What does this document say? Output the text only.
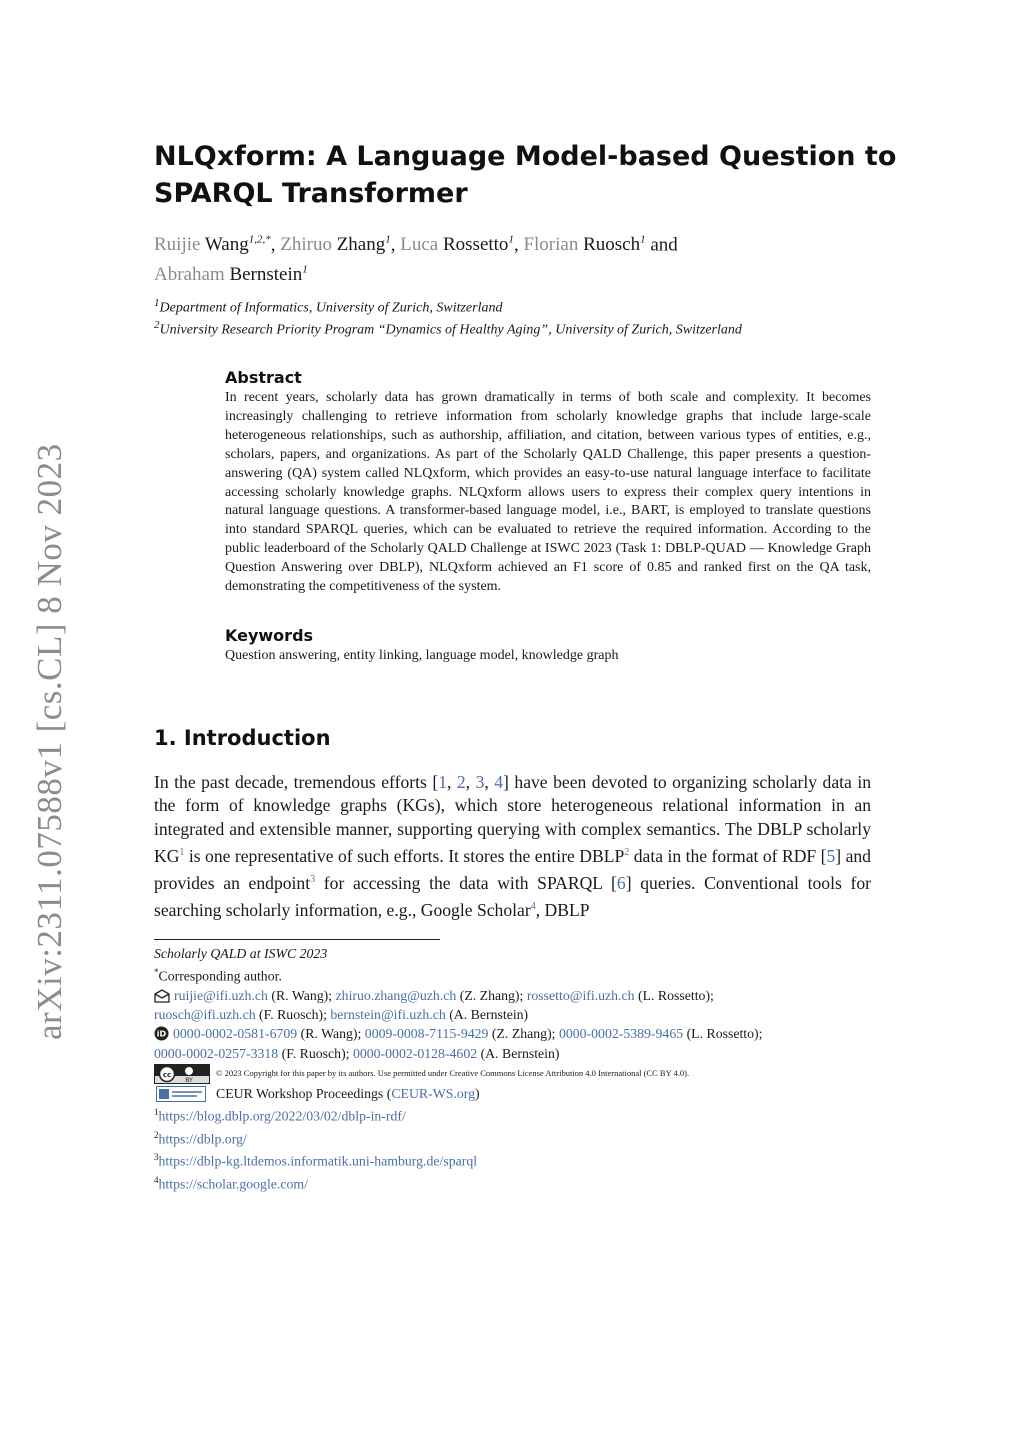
arXiv:2311.07588v1 [cs.CL] 8 Nov 2023
NLQxform: A Language Model-based Question to SPARQL Transformer
Ruijie Wang$^{1,2,*}$, Zhiruo Zhang$^1$, Luca Rossetto$^1$, Florian Ruosch$^1$ and
Abraham Bernstein$^1$
$^1$Department of Informatics, University of Zurich, Switzerland
$^2$University Research Priority Program “Dynamics of Healthy Aging”, University of Zurich, Switzerland
Abstract

In recent years, scholarly data has grown dramatically in terms of both scale and complexity. It becomes increasingly challenging to retrieve information from scholarly knowledge graphs that include large-scale heterogeneous relationships, such as authorship, affiliation, and citation, between various types of entities, e.g., scholars, papers, and organizations. As part of the Scholarly QALD Challenge, this paper presents a question-answering (QA) system called NLQxform, which provides an easy-to-use natural language interface to facilitate accessing scholarly knowledge graphs. NLQxform allows users to express their complex query intentions in natural language questions. A transformer-based language model, i.e., BART, is employed to translate questions into standard SPARQL queries, which can be evaluated to retrieve the required information. According to the public leaderboard of the Scholarly QALD Challenge at ISWC 2023 (Task 1: DBLP-QUAD — Knowledge Graph Question Answering over DBLP), NLQxform achieved an F1 score of 0.85 and ranked first on the QA task, demonstrating the competitiveness of the system.

Keywords
Question answering, entity linking, language model, knowledge graph
1. Introduction

In the past decade, tremendous efforts [1, 2, 3, 4] have been devoted to organizing scholarly data in the form of knowledge graphs (KGs), which store heterogeneous relational information in an integrated and extensible manner, supporting querying with complex semantics. The DBLP scholarly KG$^1$ is one representative of such efforts. It stores the entire DBLP$^2$ data in the format of RDF [5] and provides an endpoint$^3$ for accessing the data with SPARQL [6] queries. Conventional tools for searching scholarly information, e.g., Google Scholar$^4$, DBLP

Scholarly QALD at ISWC 2023
*Corresponding author.
ruijie@ifi.uzh.ch (R. Wang); zhiruo.zhang@uzh.ch (Z. Zhang); rossetto@ifi.uzh.ch (L. Rossetto);
ruosch@ifi.uzh.ch (F. Ruosch); bernstein@ifi.uzh.ch (A. Bernstein)
iD 0000-0002-0581-6709 (R. Wang); 0009-0008-7115-9429 (Z. Zhang); 0000-0002-5389-9465 (L. Rossetto);
0000-0002-0257-3318 (F. Ruosch); 0000-0002-0128-4602 (A. Bernstein)
cc
BY
© 2023 Copyright for this paper by its authors. Use permitted under Creative Commons License Attribution 4.0 International (CC BY 4.0).
CEUR Workshop Proceedings (CEUR-WS.org)
$^1$https://blog.dblp.org/2022/03/02/dblp-in-rdf/
$^2$https://dblp.org/
$^3$https://dblp-kg.ltdemos.informatik.uni-hamburg.de/sparql
$^4$https://scholar.google.com/
